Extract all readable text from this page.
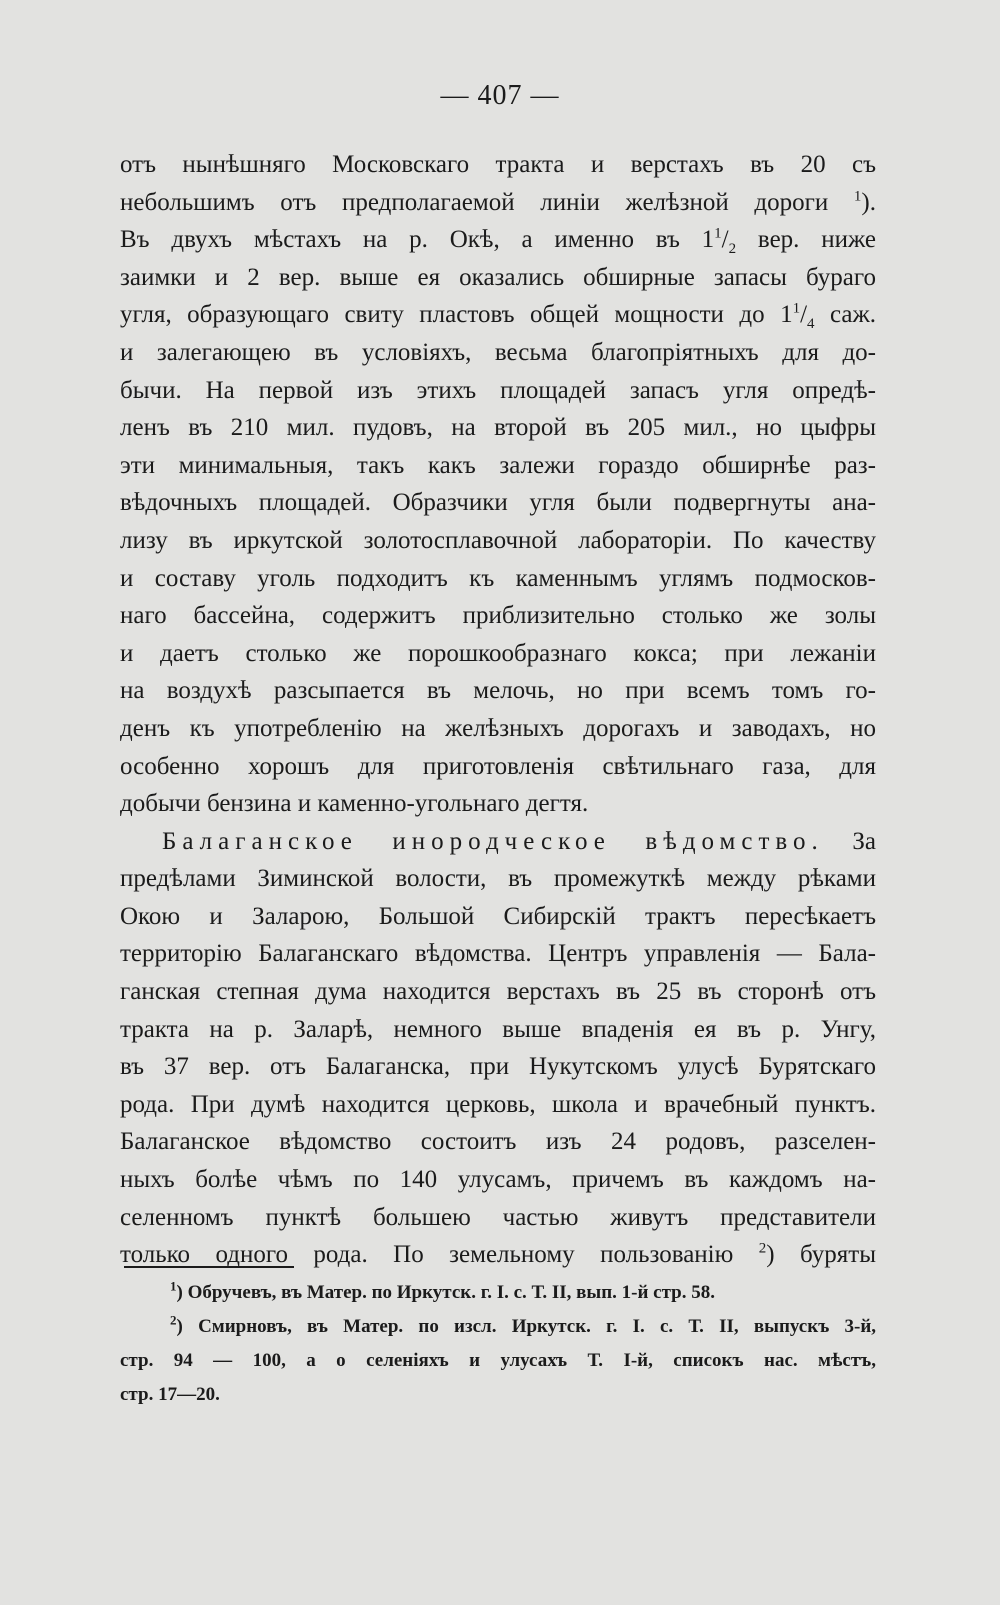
— 407 —
отъ нынѣшняго Московскаго тракта и верстахъ въ 20 съ
небольшимъ отъ предполагаемой линіи желѣзной дороги $^1$).
Въ двухъ мѣстахъ на р. Окѣ, а именно въ $1^1/_2$ вер. ниже
заимки и 2 вер. выше ея оказались обширные запасы бураго
угля, образующаго свиту пластовъ общей мощности до $1^1/_4$ саж.
и залегающею въ условіяхъ, весьма благопріятныхъ для до-
бычи. На первой изъ этихъ площадей запасъ угля опредѣ-
ленъ въ 210 мил. пудовъ, на второй въ 205 мил., но цыфры
эти минимальныя, такъ какъ залежи гораздо обширнѣе раз-
вѣдочныхъ площадей. Образчики угля были подвергнуты ана-
лизу въ иркутской золотосплавочной лабораторіи. По качеству
и составу уголь подходитъ къ каменнымъ углямъ подмосков-
наго бассейна, содержитъ приблизительно столько же золы
и даетъ столько же порошкообразнаго кокса; при лежаніи
на воздухѣ разсыпается въ мелочь, но при всемъ томъ го-
денъ къ употребленію на желѣзныхъ дорогахъ и заводахъ, но
особенно хорошъ для приготовленія свѣтильнаго газа, для
добычи бензина и каменно-угольнаго дегтя.
Балаганское инородческое вѣдомство. За
предѣлами Зиминской волости, въ промежуткѣ между рѣками
Окою и Заларою, Большой Сибирскій трактъ пересѣкаетъ
территорію Балаганскаго вѣдомства. Центръ управленія — Бала-
ганская степная дума находится верстахъ въ 25 въ сторонѣ отъ
тракта на р. Заларѣ, немного выше впаденія ея въ р. Унгу,
въ 37 вер. отъ Балаганска, при Нукутскомъ улусѣ Бурятскаго
рода. При думѣ находится церковь, школа и врачебный пунктъ.
Балаганское вѣдомство состоитъ изъ 24 родовъ, разселен-
ныхъ болѣе чѣмъ по 140 улусамъ, причемъ въ каждомъ на-
селенномъ пунктѣ большею частью живутъ представители
только одного рода. По земельному пользованію $^2$) буряты
$^1$) Обручевъ, въ Матер. по Иркутск. г. I. с. Т. II, вып. 1-й стр. 58.
$^2$) Смирновъ, въ Матер. по изсл. Иркутск. г. I. с. Т. II, выпускъ 3-й,
стр. 94 — 100, а о селеніяхъ и улусахъ Т. I-й, списокъ нас. мѣстъ,
стр. 17—20.
